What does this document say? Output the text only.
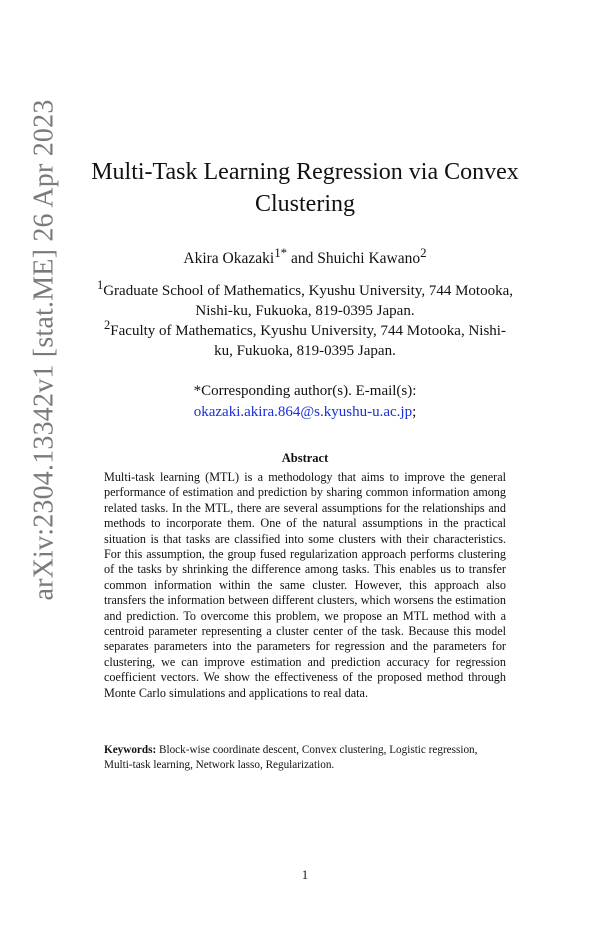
arXiv:2304.13342v1 [stat.ME] 26 Apr 2023	Multi-Task Learning Regression via Convex Clustering
Akira Okazaki$^{1*}$ and Shuichi Kawano$^2$
$^1$Graduate School of Mathematics, Kyushu University, 744 Motooka, Nishi-ku, Fukuoka, 819-0395 Japan.
$^2$Faculty of Mathematics, Kyushu University, 744 Motooka, Nishi-ku, Fukuoka, 819-0395 Japan.
*Corresponding author(s). E-mail(s):
okazaki.akira.864@s.kyushu-u.ac.jp;
Abstract

Multi-task learning (MTL) is a methodology that aims to improve the general performance of estimation and prediction by sharing common information among related tasks. In the MTL, there are several assumptions for the relationships and methods to incorporate them. One of the natural assumptions in the practical situation is that tasks are classified into some clusters with their characteristics. For this assumption, the group fused regularization approach performs clustering of the tasks by shrinking the difference among tasks. This enables us to transfer common information within the same cluster. However, this approach also transfers the information between different clusters, which worsens the estimation and prediction. To overcome this problem, we propose an MTL method with a centroid parameter representing a cluster center of the task. Because this model separates parameters into the parameters for regression and the parameters for clustering, we can improve estimation and prediction accuracy for regression coefficient vectors. We show the effectiveness of the proposed method through Monte Carlo simulations and applications to real data.

Keywords: Block-wise coordinate descent, Convex clustering, Logistic regression, Multi-task learning, Network lasso, Regularization.

1
